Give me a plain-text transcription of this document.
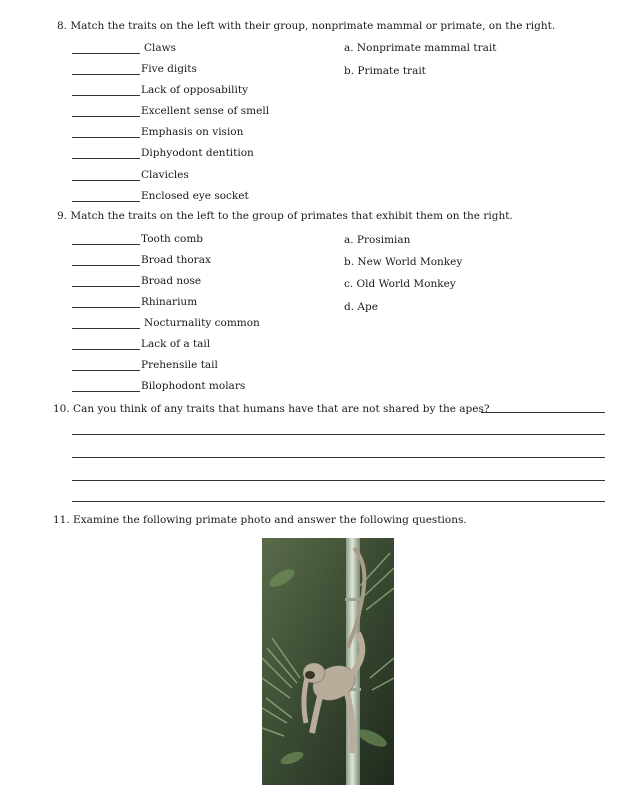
8. Match the traits on the left with their group, nonprimate mammal or primate, on the right.
Claws
Five digits
Lack of opposability
Excellent sense of smell
Emphasis on vision
Diphyodont dentition
Clavicles
Enclosed eye socket
a. Nonprimate mammal trait
b. Primate trait
9. Match the traits on the left to the group of primates that exhibit them on the right.
Tooth comb
Broad thorax
Broad nose
Rhinarium
Nocturnality common
Lack of a tail
Prehensile tail
Bilophodont molars
a. Prosimian
b. New World Monkey
c. Old World Monkey
d. Ape
10. Can you think of any traits that humans have that are not shared by the apes?
11. Examine the following primate photo and answer the following questions.
